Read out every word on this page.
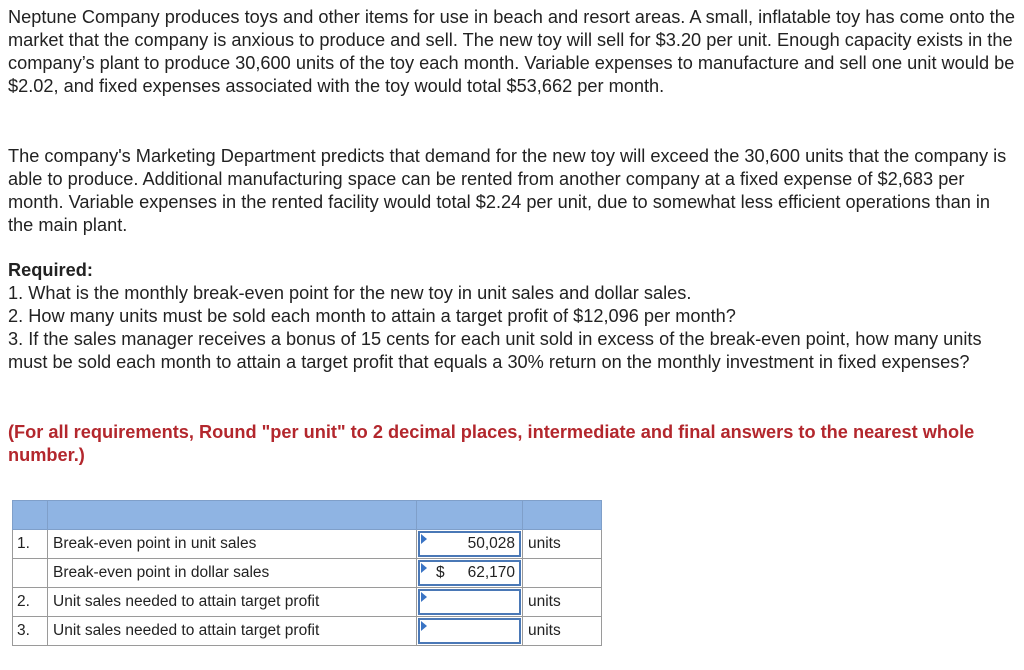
Neptune Company produces toys and other items for use in beach and resort areas. A small, inflatable toy has come onto the market that the company is anxious to produce and sell. The new toy will sell for $3.20 per unit. Enough capacity exists in the company’s plant to produce 30,600 units of the toy each month. Variable expenses to manufacture and sell one unit would be $2.02, and fixed expenses associated with the toy would total $53,662 per month.

The company's Marketing Department predicts that demand for the new toy will exceed the 30,600 units that the company is able to produce. Additional manufacturing space can be rented from another company at a fixed expense of $2,683 per month. Variable expenses in the rented facility would total $2.24 per unit, due to somewhat less efficient operations than in the main plant.

Required:
1. What is the monthly break-even point for the new toy in unit sales and dollar sales.
2. How many units must be sold each month to attain a target profit of $12,096 per month?
3. If the sales manager receives a bonus of 15 cents for each unit sold in excess of the break-even point, how many units must be sold each month to attain a target profit that equals a 30% return on the monthly investment in fixed expenses?

(For all requirements, Round "per unit" to 2 decimal places, intermediate and final answers to the nearest whole number.)

1.	Break-even point in unit sales	50,028	units
	Break-even point in dollar sales	$ 62,170	

2.	Unit sales needed to attain target profit		units
3.	Unit sales needed to attain target profit		units
